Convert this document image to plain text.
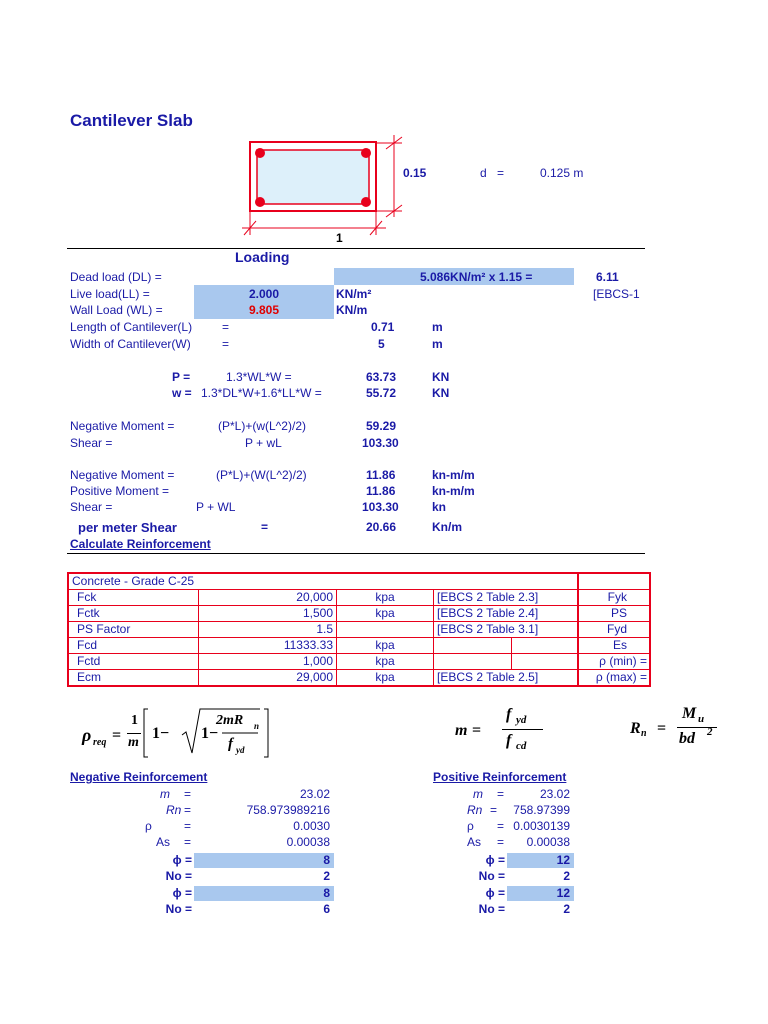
Cantilever Slab
0.15	d =	0.125 m
1
Loading
Dead load (DL) =	5.086KN/m² x 1.15 =	6.11
Live load(LL) =	2.000	KN/m²	[EBCS-1
Wall Load (WL) =	9.805	KN/m
Length of Cantilever(L) =	0.71	m
Width of Cantilever(W)	=	5	m
P =	1.3*WL*W =	63.73	KN
w = 1.3*DL*W+1.6*LL*W =	55.72	KN
Negative Moment =	(P*L)+(w(L^2)/2)	59.29
Shear =	P + wL	103.30
Negative Moment =	(P*L)+(W(L^2)/2)	11.86	kn-m/m
Positive Moment =	11.86	kn-m/m
Shear =	P + WL	103.30	kn
per meter Shear	=	20.66	Kn/m
Calculate Reinforcement
Concrete - Grade C-25					
Fck	20,000	kpa	[EBCS 2 Table 2.3]		Fyk
Fctk	1,500	kpa	[EBCS 2 Table 2.4]		PS
PS Factor	1.5		[EBCS 2 Table 3.1]		Fyd
Fcd	11333.33	kpa			Es
Fctd	1,000	kpa			ρ (min) =
Ecm	29,000	kpa	[EBCS 2 Table 2.5]		ρ (max) =
ρ req =
1
m
1− 1−
2mR n
f yd
m =
f yd
f cd
R n =
M u
bd 2
Negative Reinforcement
m =	23.02
Rn =	758.973989216
ρ	=	0.0030
As =	0.00038
ϕ =	8
No =	2
ϕ =	8
No =	6
Positive Reinforcement
m =	23.02
Rn =	758.97399
ρ = 0.0030139
As =	0.00038
ϕ =	12
No =	2
ϕ =	12
No =	2
